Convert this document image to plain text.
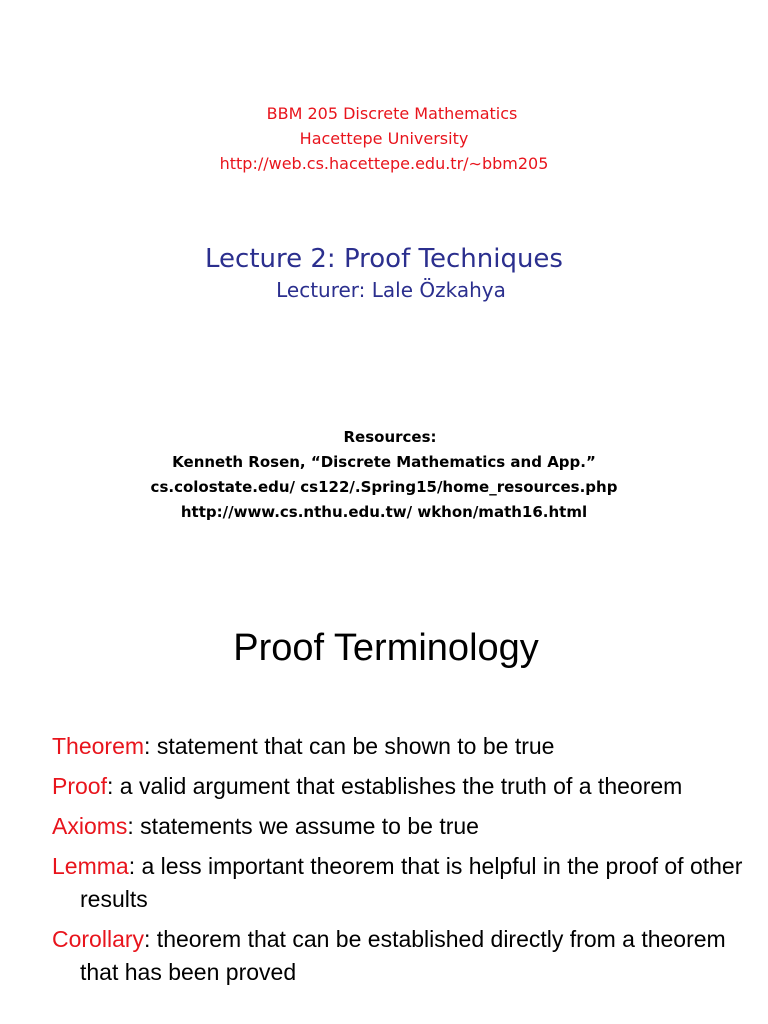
BBM 205 Discrete Mathematics
Hacettepe University
http://web.cs.hacettepe.edu.tr/∼bbm205
Lecture 2: Proof Techniques
Lecturer: Lale Özkahya
Resources:
Kenneth Rosen, “Discrete Mathematics and App.”
cs.colostate.edu/ cs122/.Spring15/home_resources.php
http://www.cs.nthu.edu.tw/ wkhon/math16.html
Proof Terminology
Theorem: statement that can be shown to be true
Proof: a valid argument that establishes the truth of a theorem
Axioms: statements we assume to be true
Lemma: a less important theorem that is helpful in the proof of other results
Corollary: theorem that can be established directly from a theorem that has been proved
